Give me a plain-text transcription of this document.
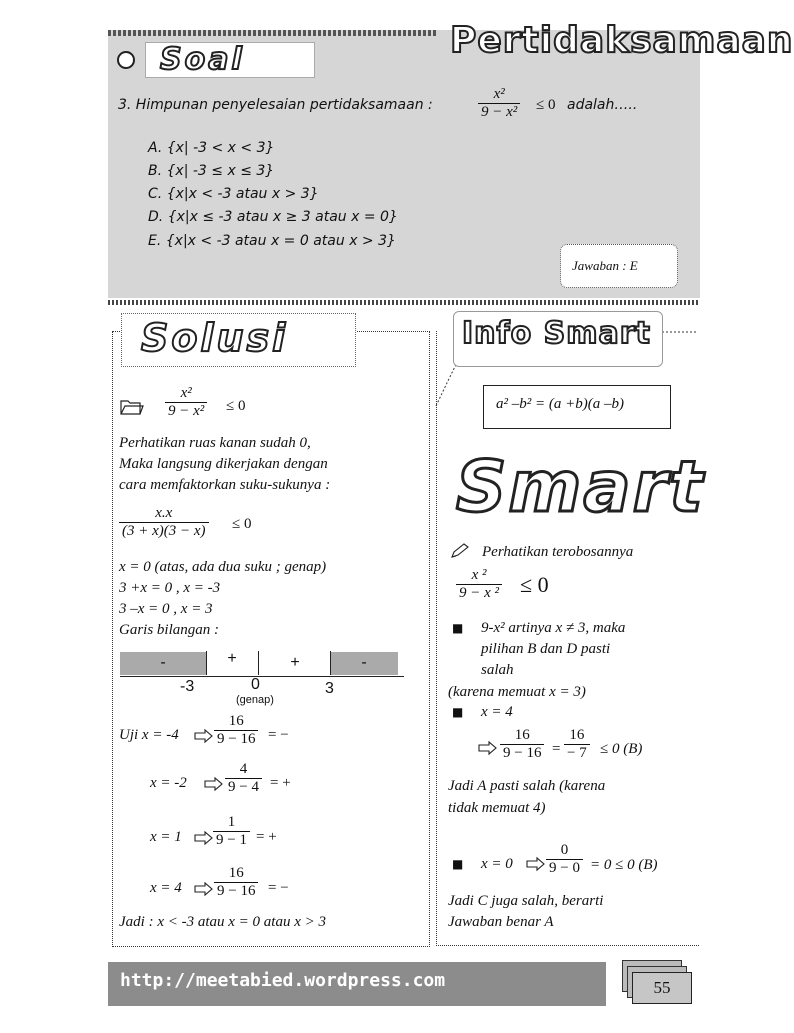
Soal	Pertidaksamaan
3. Himpunan penyelesaian pertidaksamaan :	$\frac{\text{x²}}{\text{9 − x²}} \le 0$ adalah…..
A. {x| -3 < x < 3}
B. {x| -3 ≤ x ≤ 3}
C. {x|x < -3 atau x > 3}
D. {x|x ≤ -3 atau x ≥ 3 atau x = 0}
E. {x|x < -3 atau x = 0 atau x > 3}
Jawaban : E
Solusi
$\frac{\text{x²}}{\text{9 − x²}} \le 0$
Perhatikan ruas kanan sudah 0,
Maka langsung dikerjakan dengan
cara memfaktorkan suku-sukunya :
$\frac{x.x}{(3 + x)(3 - x)} \le 0$
x = 0 (atas, ada dua suku ; genap)
3 +x = 0 , x = -3
3 –x = 0 , x = 3
Garis bilangan :
-	+	+	-
-3	0	3
(genap)
Uji $x = -4 \frac{16}{9 - 16}$ = −
x = -2	$\frac{4}{9 - 4}$ = +
$x = 1 \frac{1}{9 - 1}$ = +
$x = 4 \frac{16}{9 - 16}$ = −
Jadi : x < -3 atau x = 0 atau x > 3
Info Smart
a² –b² = (a +b)(a –b)
Smart
Perhatikan terobosannya
$\frac{\text{x ²}}{\text{9 − x ²}} \le 0$
■ 9-x² artinya x ≠ 3, maka
pilihan B dan D pasti
salah
(karena memuat x = 3)
■ x = 4
$\frac{16}{9 - 16} = \frac{16}{- 7} \le 0$ (B)
Jadi A pasti salah (karena
tidak memuat 4)
■ $x = 0 \frac{0}{9 - 0} = 0 \le 0$ (B)
Jadi C juga salah, berarti
Jawaban benar A
http://meetabied.wordpress.com	55
